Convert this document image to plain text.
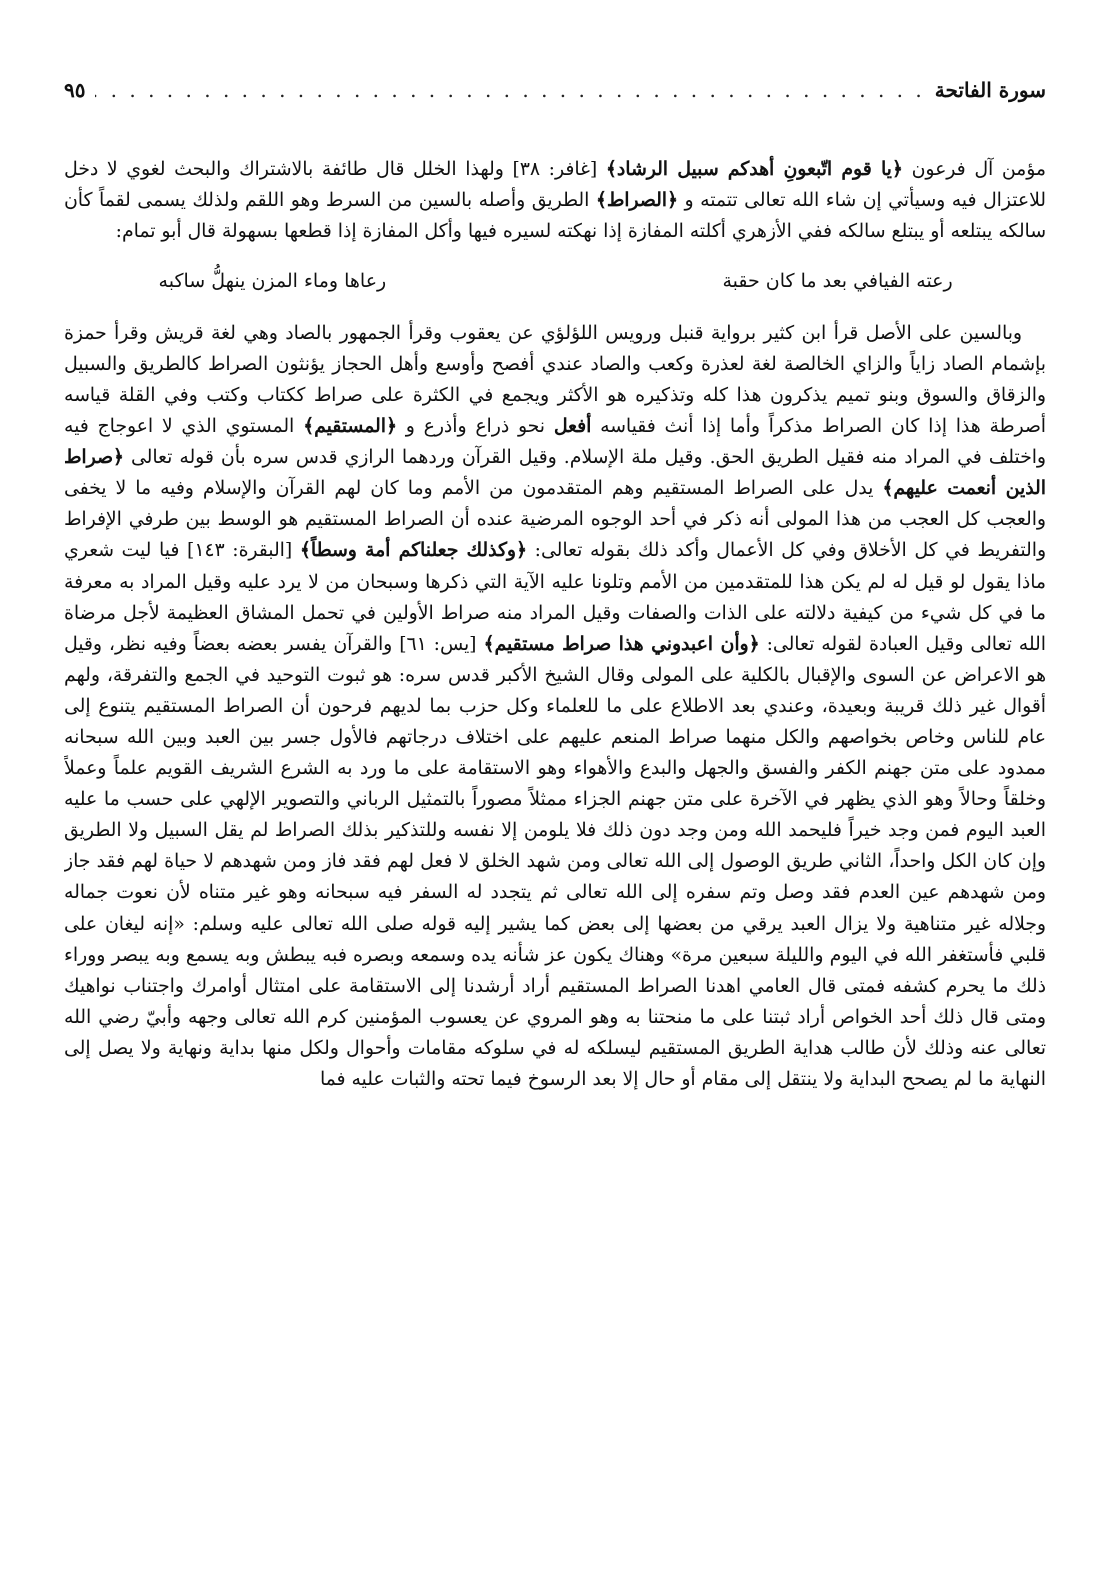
سورة الفاتحة
. . .
٩٥

مؤمن آل فرعون ﴿يا قوم اتّبعونِ أهدكم سبيل الرشاد﴾ [غافر: ٣٨] ولهذا الخلل قال طائفة بالاشتراك والبحث لغوي لا دخل للاعتزال فيه وسيأتي إن شاء الله تعالى تتمته و ﴿الصراط﴾ الطريق وأصله بالسين من السرط وهو اللقم ولذلك يسمى لقماً كأن سالكه يبتلعه أو يبتلع سالكه ففي الأزهري أكلته المفازة إذا نهكته لسيره فيها وأكل المفازة إذا قطعها بسهولة قال أبو تمام:

رعته الفيافي بعد ما كان حقبة
رعاها وماء المزن ينهلُّ ساكبه

وبالسين على الأصل قرأ ابن كثير برواية قنبل ورويس اللؤلؤي عن يعقوب وقرأ الجمهور بالصاد وهي لغة قريش وقرأ حمزة بإشمام الصاد زاياً والزاي الخالصة لغة لعذرة وكعب والصاد عندي أفصح وأوسع وأهل الحجاز يؤنثون الصراط كالطريق والسبيل والزقاق والسوق وبنو تميم يذكرون هذا كله وتذكيره هو الأكثر ويجمع في الكثرة على صراط ككتاب وكتب وفي القلة قياسه أصرطة هذا إذا كان الصراط مذكراً وأما إذا أنث فقياسه أفعل نحو ذراع وأذرع و ﴿المستقيم﴾ المستوي الذي لا اعوجاج فيه واختلف في المراد منه فقيل الطريق الحق. وقيل ملة الإسلام. وقيل القرآن وردهما الرازي قدس سره بأن قوله تعالى ﴿صراط الذين أنعمت عليهم﴾ يدل على الصراط المستقيم وهم المتقدمون من الأمم وما كان لهم القرآن والإسلام وفيه ما لا يخفى والعجب كل العجب من هذا المولى أنه ذكر في أحد الوجوه المرضية عنده أن الصراط المستقيم هو الوسط بين طرفي الإفراط والتفريط في كل الأخلاق وفي كل الأعمال وأكد ذلك بقوله تعالى: ﴿وكذلك جعلناكم أمة وسطاً﴾ [البقرة: ١٤٣] فيا ليت شعري ماذا يقول لو قيل له لم يكن هذا للمتقدمين من الأمم وتلونا عليه الآية التي ذكرها وسبحان من لا يرد عليه وقيل المراد به معرفة ما في كل شيء من كيفية دلالته على الذات والصفات وقيل المراد منه صراط الأولين في تحمل المشاق العظيمة لأجل مرضاة الله تعالى وقيل العبادة لقوله تعالى: ﴿وأن اعبدوني هذا صراط مستقيم﴾ [يس: ٦١] والقرآن يفسر بعضه بعضاً وفيه نظر، وقيل هو الاعراض عن السوى والإقبال بالكلية على المولى وقال الشيخ الأكبر قدس سره: هو ثبوت التوحيد في الجمع والتفرقة، ولهم أقوال غير ذلك قريبة وبعيدة، وعندي بعد الاطلاع على ما للعلماء وكل حزب بما لديهم فرحون أن الصراط المستقيم يتنوع إلى عام للناس وخاص بخواصهم والكل منهما صراط المنعم عليهم على اختلاف درجاتهم فالأول جسر بين العبد وبين الله سبحانه ممدود على متن جهنم الكفر والفسق والجهل والبدع والأهواء وهو الاستقامة على ما ورد به الشرع الشريف القويم علماً وعملاً وخلقاً وحالاً وهو الذي يظهر في الآخرة على متن جهنم الجزاء ممثلاً مصوراً بالتمثيل الرباني والتصوير الإلهي على حسب ما عليه العبد اليوم فمن وجد خيراً فليحمد الله ومن وجد دون ذلك فلا يلومن إلا نفسه وللتذكير بذلك الصراط لم يقل السبيل ولا الطريق وإن كان الكل واحداً، الثاني طريق الوصول إلى الله تعالى ومن شهد الخلق لا فعل لهم فقد فاز ومن شهدهم لا حياة لهم فقد جاز ومن شهدهم عين العدم فقد وصل وتم سفره إلى الله تعالى ثم يتجدد له السفر فيه سبحانه وهو غير متناه لأن نعوت جماله وجلاله غير متناهية ولا يزال العبد يرقي من بعضها إلى بعض كما يشير إليه قوله صلى الله تعالى عليه وسلم: «إنه ليغان على قلبي فأستغفر الله في اليوم والليلة سبعين مرة» وهناك يكون عز شأنه يده وسمعه وبصره فبه يبطش وبه يسمع وبه يبصر ووراء ذلك ما يحرم كشفه فمتى قال العامي اهدنا الصراط المستقيم أراد أرشدنا إلى الاستقامة على امتثال أوامرك واجتناب نواهيك ومتى قال ذلك أحد الخواص أراد ثبتنا على ما منحتنا به وهو المروي عن يعسوب المؤمنين كرم الله تعالى وجهه وأبيّ رضي الله تعالى عنه وذلك لأن طالب هداية الطريق المستقيم ليسلكه له في سلوكه مقامات وأحوال ولكل منها بداية ونهاية ولا يصل إلى النهاية ما لم يصحح البداية ولا ينتقل إلى مقام أو حال إلا بعد الرسوخ فيما تحته والثبات عليه فما
